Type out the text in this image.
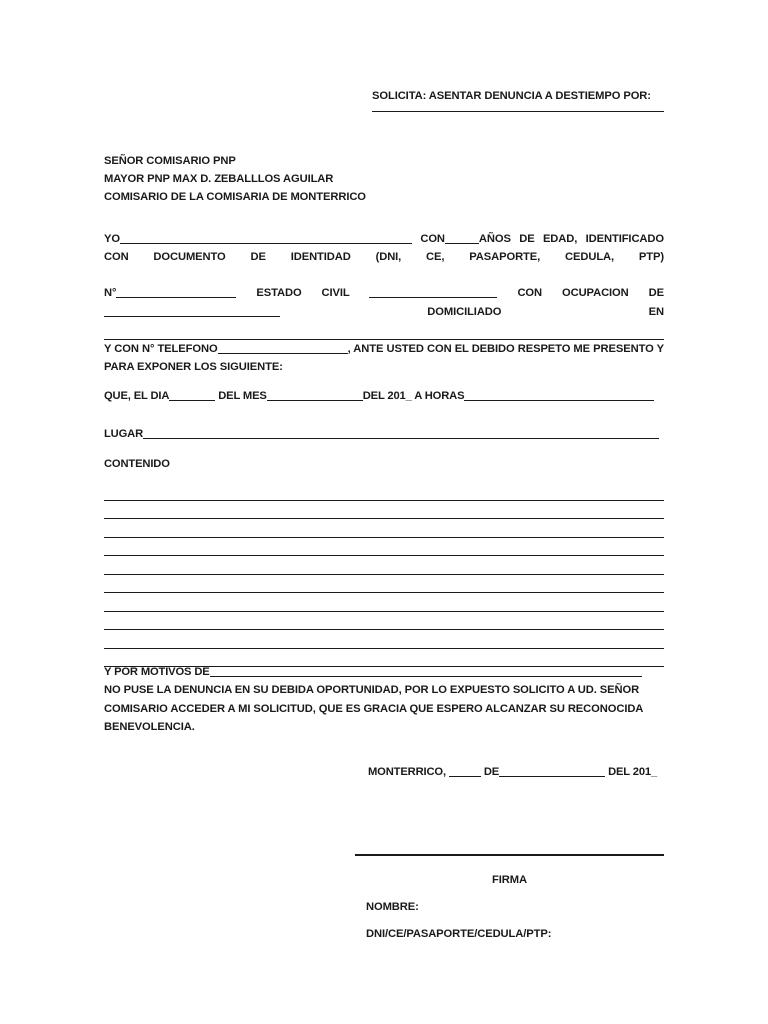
SOLICITA: ASENTAR DENUNCIA A DESTIEMPO POR:
SEÑOR COMISARIO PNP
MAYOR PNP MAX D. ZEBALLLOS AGUILAR
COMISARIO DE LA COMISARIA DE MONTERRICO

YO	CON	AÑOS DE EDAD, IDENTIFICADO CON DOCUMENTO DE IDENTIDAD (DNI, CE, PASAPORTE, CEDULA, PTP)

N°	ESTADO CIVIL	CON OCUPACION DE  DOMICILIADO	EN

Y CON N° TELEFONO	, ANTE USTED CON EL DEBIDO RESPETO ME PRESENTO Y PARA EXPONER LOS SIGUIENTE:

QUE, EL DIA	DEL MES	DEL 201_ A HORAS
LUGAR
CONTENIDO
Y POR MOTIVOS DE

NO PUSE LA DENUNCIA EN SU DEBIDA OPORTUNIDAD, POR LO EXPUESTO SOLICITO A UD. SEÑOR COMISARIO ACCEDER A MI SOLICITUD, QUE ES GRACIA QUE ESPERO ALCANZAR SU RECONOCIDA BENEVOLENCIA.

MONTERRICO,	DE	DEL 201_
FIRMA
NOMBRE:
DNI/CE/PASAPORTE/CEDULA/PTP:
